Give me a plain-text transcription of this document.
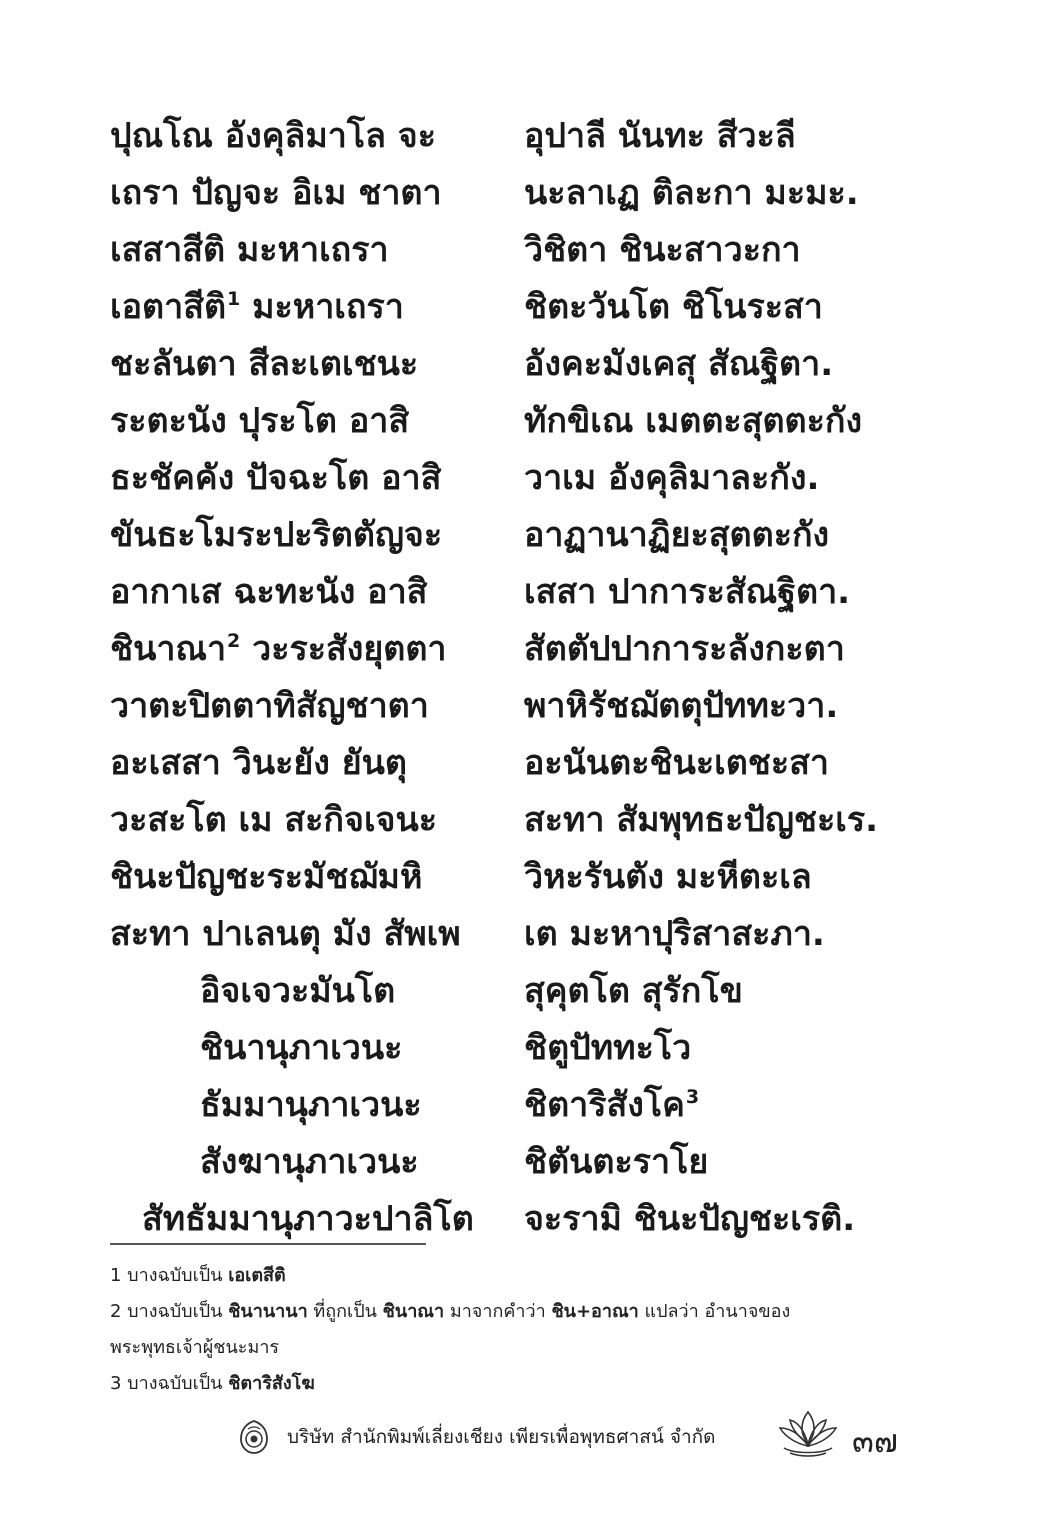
ปุณโณ อังคุลิมาโล จะ
เถรา ปัญจะ อิเม ชาตา
เสสาสีติ มะหาเถรา
เอตาสีติ$^1$ มะหาเถรา
ชะลันตา สีละเตเชนะ
ระตะนัง ปุระโต อาสิ
ธะชัคคัง ปัจฉะโต อาสิ
ขันธะโมระปะริตตัญจะ
อากาเส ฉะทะนัง อาสิ
ชินาณา$^2$ วะระสังยุตตา
วาตะปิตตาทิสัญชาตา
อะเสสา วินะยัง ยันตุ
วะสะโต เม สะกิจเจนะ
ชินะปัญชะระมัชฌัมหิ
สะทา ปาเลนตุ มัง สัพเพ
อิจเจวะมันโต
ชินานุภาเวนะ
ธัมมานุภาเวนะ
สังฆานุภาเวนะ
สัทธัมมานุภาวะปาลิโต
อุปาลี นันทะ สีวะลี
นะลาเฏ ติละกา มะมะ.
วิชิตา ชินะสาวะกา
ชิตะวันโต ชิโนระสา
อังคะมังเคสุ สัณฐิตา.
ทักขิเณ เมตตะสุตตะกัง
วาเม อังคุลิมาละกัง.
อาฏานาฏิยะสุตตะกัง
เสสา ปาการะสัณฐิตา.
สัตตัปปาการะลังกะตา
พาหิรัชฌัตตุปัททะวา.
อะนันตะชินะเตชะสา
สะทา สัมพุทธะปัญชะเร.
วิหะรันตัง มะหีตะเล
เต มะหาปุริสาสะภา.
สุคุตโต สุรักโข
ชิตูปัททะโว
ชิตาริสังโค$^3$
ชิตันตะราโย
จะรามิ ชินะปัญชะเรติ.
1 บางฉบับเป็น เอเตสีติ
2 บางฉบับเป็น ชินานานา ที่ถูกเป็น ชินาณา มาจากคำว่า ชิน+อาณา แปลว่า อำนาจของ
พระพุทธเจ้าผู้ชนะมาร
3 บางฉบับเป็น ชิตาริสังโฆ
บริษัท สำนักพิมพ์เลี่ยงเชียง เพียรเพื่อพุทธศาสน์ จำกัด	๓๗
